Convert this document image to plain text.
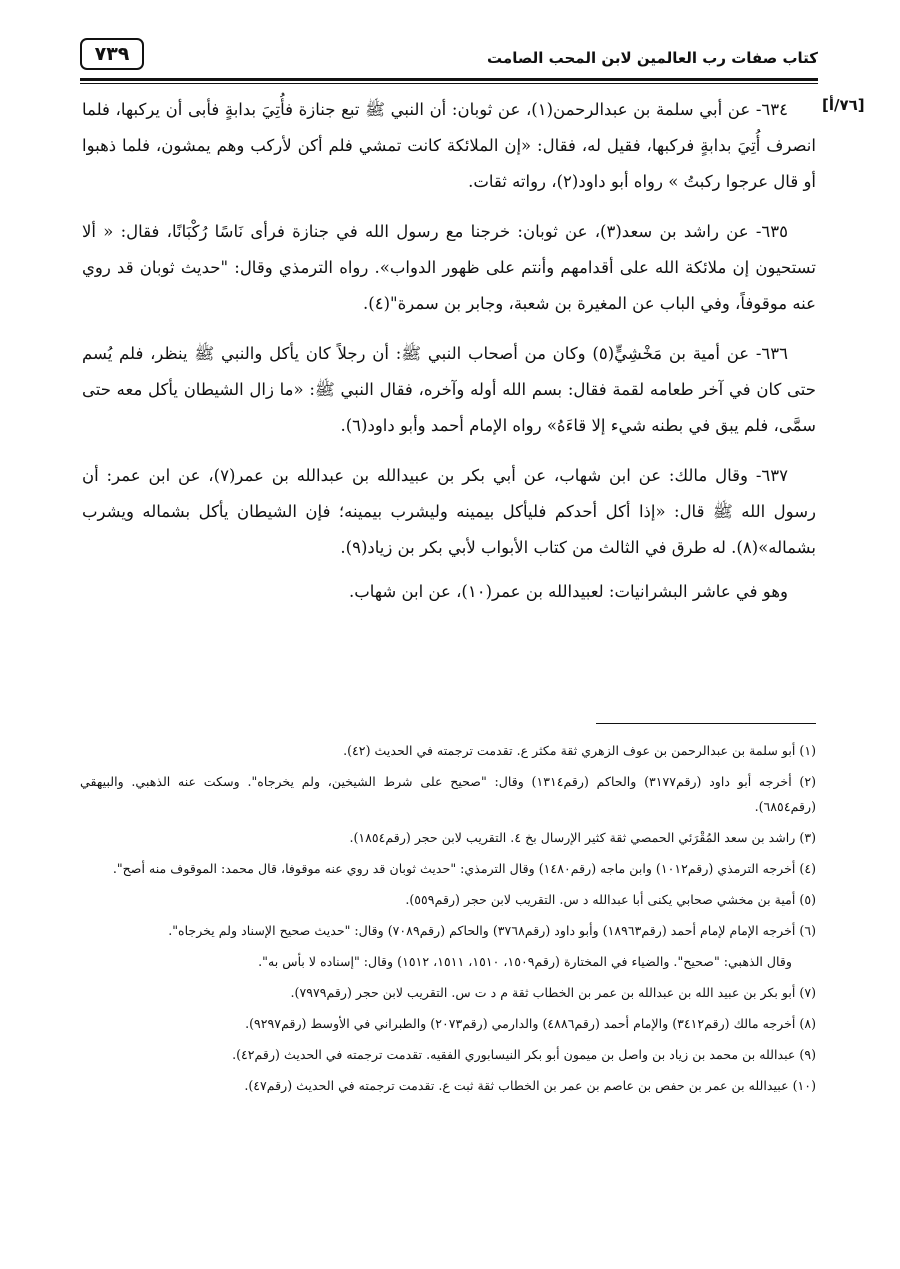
٧٣٩	كتاب صفات رب العالمين لابن المحب الصامت
[٧٦/أ]

٦٣٤- عن أبي سلمة بن عبدالرحمن(١)، عن ثوبان: أن النبي ﷺ تبع جنازة فأُتِيَ بدابةٍ فأبى أن يركبها، فلما انصرف أُتِيَ بدابةٍ فركبها، فقيل له، فقال: «إن الملائكة كانت تمشي فلم أكن لأركب وهم يمشون، فلما ذهبوا أو قال عرجوا ركبتُ » رواه أبو داود(٢)، رواته ثقات.

٦٣٥- عن راشد بن سعد(٣)، عن ثوبان: خرجنا مع رسول الله في جنازة فرأى نَاسًا رُكْبَانًا، فقال: « ألا تستحيون إن ملائكة الله على أقدامهم وأنتم على ظهور الدواب». رواه الترمذي وقال: "حديث ثوبان قد روي عنه موقوفاً، وفي الباب عن المغيرة بن شعبة، وجابر بن سمرة"(٤).

٦٣٦- عن أمية بن مَخْشِيٍّ(٥) وكان من أصحاب النبي ﷺ: أن رجلاً كان يأكل والنبي ﷺ ينظر، فلم يُسم حتى كان في آخر طعامه لقمة فقال: بسم الله أوله وآخره، فقال النبي ﷺ: «ما زال الشيطان يأكل معه حتى سمَّى، فلم يبق في بطنه شيء إلا قاءَهُ» رواه الإمام أحمد وأبو داود(٦).

٦٣٧- وقال مالك: عن ابن شهاب، عن أبي بكر بن عبيدالله بن عبدالله بن عمر(٧)، عن ابن عمر: أن رسول الله ﷺ قال: «إذا أكل أحدكم فليأكل بيمينه وليشرب بيمينه؛ فإن الشيطان يأكل بشماله ويشرب بشماله»(٨). له طرق في الثالث من كتاب الأبواب لأبي بكر بن زياد(٩).

وهو في عاشر البشرانيات: لعبيدالله بن عمر(١٠)، عن ابن شهاب.

(١) أبو سلمة بن عبدالرحمن بن عوف الزهري ثقة مكثر ع. تقدمت ترجمته في الحديث (٤٢).

(٢) أخرجه أبو داود (رقم٣١٧٧) والحاكم (رقم١٣١٤) وقال: "صحيح على شرط الشيخين، ولم يخرجاه". وسكت عنه الذهبي. والبيهقي (رقم٦٨٥٤).

(٣) راشد بن سعد المُقْرَئي الحمصي ثقة كثير الإرسال بخ ٤. التقريب لابن حجر (رقم١٨٥٤).

(٤) أخرجه الترمذي (رقم١٠١٢) وابن ماجه (رقم١٤٨٠) وقال الترمذي: "حديث ثوبان قد روي عنه موقوفا، قال محمد: الموقوف منه أصح".

(٥) أمية بن مخشي صحابي يكنى أبا عبدالله د س. التقريب لابن حجر (رقم٥٥٩).

(٦) أخرجه الإمام لإمام أحمد (رقم١٨٩٦٣) وأبو داود (رقم٣٧٦٨) والحاكم (رقم٧٠٨٩) وقال: "حديث صحيح الإسناد ولم يخرجاه".

وقال الذهبي: "صحيح". والضياء في المختارة (رقم١٥٠٩، ١٥١٠، ١٥١١، ١٥١٢) وقال: "إسناده لا بأس به".

(٧) أبو بكر بن عبيد الله بن عبدالله بن عمر بن الخطاب ثقة م د ت س. التقريب لابن حجر (رقم٧٩٧٩).

(٨) أخرجه مالك (رقم٣٤١٢) والإمام أحمد (رقم٤٨٨٦) والدارمي (رقم٢٠٧٣) والطبراني في الأوسط (رقم٩٢٩٧).

(٩) عبدالله بن محمد بن زياد بن واصل بن ميمون أبو بكر النيسابوري الفقيه. تقدمت ترجمته في الحديث (رقم٤٢).

(١٠) عبيدالله بن عمر بن حفص بن عاصم بن عمر بن الخطاب ثقة ثبت ع. تقدمت ترجمته في الحديث (رقم٤٧).
